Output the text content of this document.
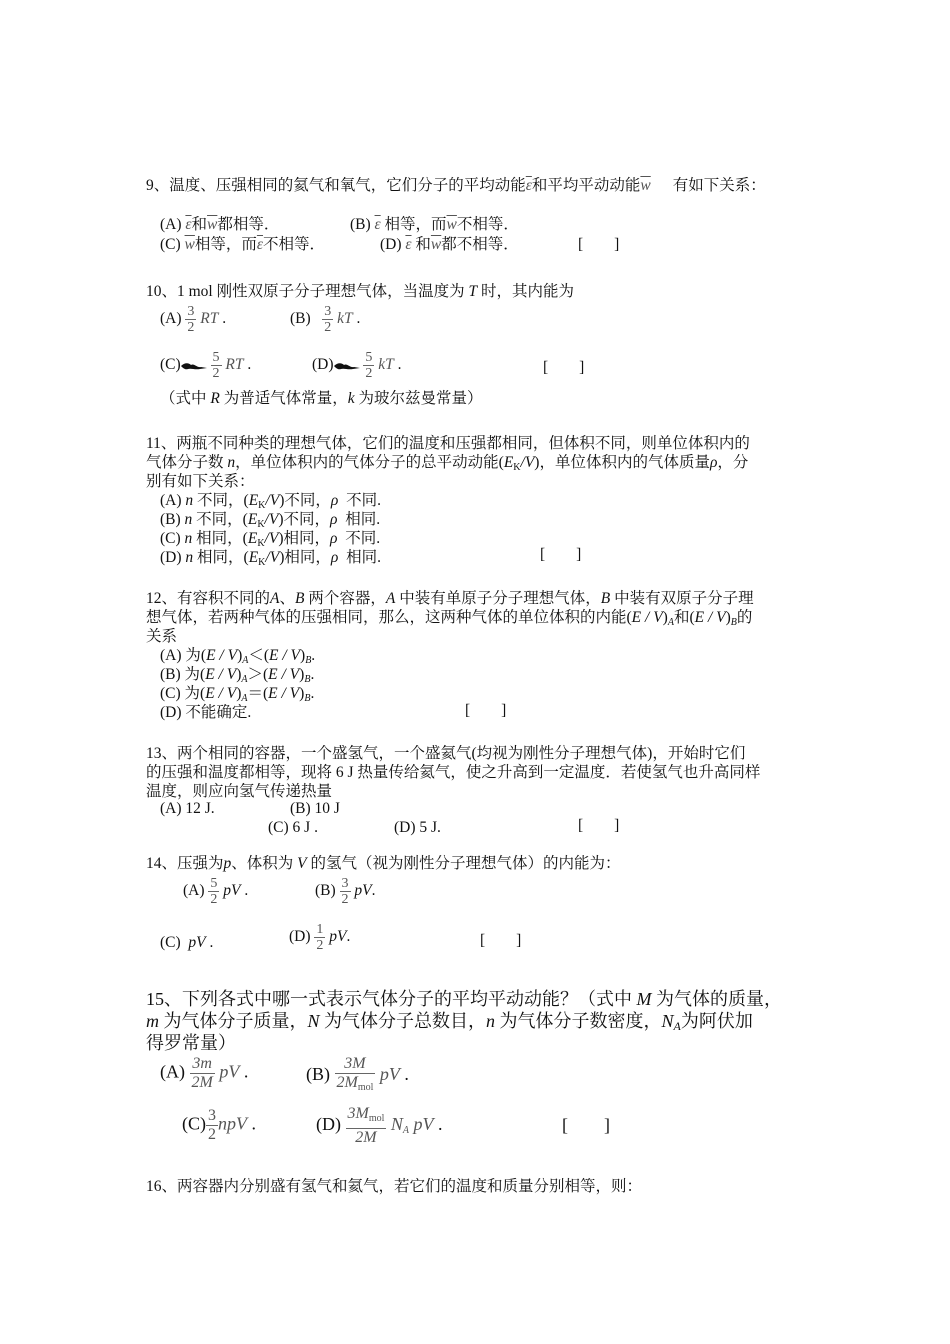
9、温度、压强相同的氦气和氧气，它们分子的平均动能$\overline{\varepsilon}$和平均平动动能$\overline{w}$ 有如下关系：
(A) $\overline{\varepsilon}$和$\overline{w}$都相等．	(B) $\overline{\varepsilon}$ 相等，而$\overline{w}$不相等．
(C) $\overline{w}$相等，而$\overline{\varepsilon}$不相等．	(D) $\overline{\varepsilon}$ 和$\overline{w}$都不相等．	[　　]
10、1 mol 刚性双原子分子理想气体，当温度为 T 时，其内能为
$(A) \frac{3}{2}$ RT .	$(B) \frac{3}{2}$ kT .
$(C) \frac{5}{2}$ RT .	$(D) \frac{5}{2}$ kT .	[　　]
（式中 R 为普适气体常量，k 为玻尔兹曼常量）
11、两瓶不同种类的理想气体，它们的温度和压强都相同，但体积不同，则单位体积内的
气体分子数 n，单位体积内的气体分子的总平动动能$(E_K/V)$，单位体积内的气体质量ρ，分
别有如下关系：
(A) n 不同，$(E_K/V)$不同，ρ 不同.
(B) n 不同，$(E_K/V)$不同，ρ 相同.
(C) n 相同，$(E_K/V)$相同，ρ 不同.
(D) n 相同，$(E_K/V)$相同，ρ 相同.	[　　]
12、有容积不同的A、B 两个容器，A 中装有单原子分子理想气体，B 中装有双原子分子理
想气体，若两种气体的压强相同，那么，这两种气体的单位体积的内能$(E / V)_A$和$(E / V)_B$的
关系
(A) 为$(E / V)_A<(E / V)_B$.
(B) 为$(E / V)_A>(E / V)_B$.
(C) 为$(E / V)_A=(E / V)_B$.
(D) 不能确定.	[　　]
13、两个相同的容器，一个盛氢气，一个盛氦气(均视为刚性分子理想气体)，开始时它们
的压强和温度都相等，现将 6 J 热量传给氦气，使之升高到一定温度．若使氢气也升高同样
温度，则应向氢气传递热量
(A) 12 J.	(B) 10 J
(C) 6 J .	(D) 5 J.	[　　]
14、压强为p、体积为 V 的氢气（视为刚性分子理想气体）的内能为：
$(A) \frac{5}{2}$ pV .	$(B) \frac{3}{2}$ pV.
(C) pV .	$(D) \frac{1}{2}$ pV.	[　　]
15、下列各式中哪一式表示气体分子的平均平动动能？（式中 M 为气体的质量，
m 为气体分子质量，N 为气体分子总数目，n 为气体分子数密度，$N_A$为阿伏加
得罗常量）
$(A) \frac{3m}{2M}$ pV .	$(B) \frac{3M}{2M_{mol}}$ pV .
$(C) \frac{3}{2}$ npV .	$(D) \frac{3M_{mol}}{2M} N_A$ pV .	[　　]
16、两容器内分别盛有氢气和氦气，若它们的温度和质量分别相等，则：
